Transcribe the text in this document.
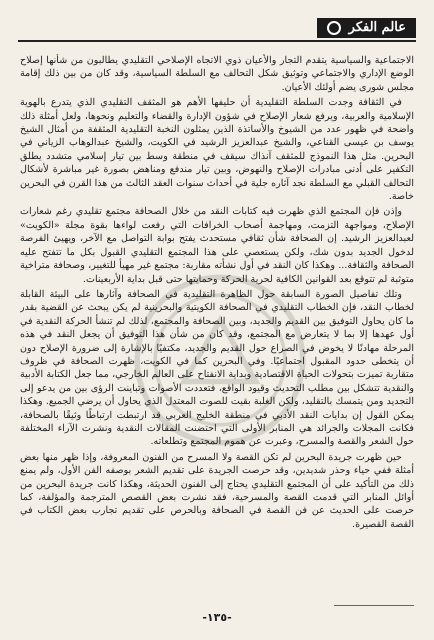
عالم الفكر

الاجتماعية والسياسية يتقدم التجار والأعيان ذوي الاتجاه الإصلاحي التقليدي يطالبون من شأنها إصلاح الوضع الإداري والاجتماعي وتوثيق شكل التحالف مع السلطة السياسية، وقد كان من بين ذلك إقامة مجلس شورى يضم أولئك الأعيان.

في الثقافة وجدت السلطة التقليدية أن حليفها الأهم هو المثقف التقليدي الذي يتدرع بالهوية الإسلامية والعربية، ويرفع شعار الإصلاح في شؤون الإدارة والقضاء والتعليم ونحوها، ولعل أمثلة ذلك واضحة في ظهور عدد من الشيوخ والأساتذة الذين يمثلون النخبة التقليدية المثقفة من أمثال الشيخ يوسف بن عيسى القناعي، والشيخ عبدالعزيز الرشيد في الكويت، والشيخ عبدالوهاب الزياني في البحرين. مثل هذا النموذج للمثقف آنذاك سيقف في منطقة وسط بين تيار إسلامي متشدد يطلق التكفير على أدنى مبادرات الإصلاح والنهوض، وبين تيار مندفع ومناهض بصورة غير مباشرة لأشكال التحالف القبلي مع السلطة نجد آثاره جلية في أحداث سنوات العقد الثالث من هذا القرن في البحرين خاصة.

وإذن فإن المجتمع الذي ظهرت فيه كتابات النقد من خلال الصحافة مجتمع تقليدي رغم شعارات الإصلاح، ومواجهة التزمت، ومهاجمة أصحاب الخرافات التي رفعت لواءها بقوة مجلة «الكويت» لعبدالعزيز الرشيد. إن الصحافة شأن ثقافي مستحدث يفتح بوابة التواصل مع الآخر، ويهيئ الفرصة لدخول الجديد بدون شك، ولكن يستعصي على هذا المجتمع التقليدي القبول بكل ما تتفتح عليه الصحافة والثقافة... وهكذا كان النقد في أول نشأته مقاربة: مجتمع غير مهيأ للتغيير، وصحافة متراخية متوثبة لم تتوقع بعد القوانين الكافية لحرية الحركة وحمايتها حتى قبل بداية الأربعينات.

وتلك تفاصيل الصورة السابقة حول الظاهرة التقليدية في الصحافة وآثارها على البيئة القابلة لخطاب النقد، فإن الخطاب التقليدي في الصحافة الكويتية والبحرينية لم يكن يبحث عن القضية بقدر ما كان يحاول التوفيق بين القديم والجديد، وبين الصحافة والمجتمع، لذلك لم تنشأ الحركة النقدية في أول عهدها إلا بما لا يتعارض مع المجتمع، وقد كان من شأن هذا التوفيق أن يجعل النقد في هذه المرحلة مهادنًا لا يخوض في الصراع حول القديم والجديد، مكتفيًا بالإشارة إلى ضرورة الإصلاح دون أن يتخطى حدود المقبول اجتماعيًا. وفي البحرين كما في الكويت، ظهرت الصحافة في ظروف متقاربة تميزت بتحولات الحياة الاقتصادية وبداية الانفتاح على العالم الخارجي، مما جعل الكتابة الأدبية والنقدية تتشكل بين مطلب التحديث وقيود الواقع، فتعددت الأصوات وتباينت الرؤى بين من يدعو إلى التجديد ومن يتمسك بالتقليد، ولكن الغلبة بقيت للصوت المعتدل الذي يحاول أن يرضي الجميع. وهكذا يمكن القول إن بدايات النقد الأدبي في منطقة الخليج العربي قد ارتبطت ارتباطًا وثيقًا بالصحافة، فكانت المجلات والجرائد هي المنابر الأولى التي احتضنت المقالات النقدية ونشرت الآراء المختلفة حول الشعر والقصة والمسرح، وعبرت عن هموم المجتمع وتطلعاته.

حين ظهرت جريدة البحرين لم تكن القصة ولا المسرح من الفنون المعروفة، وإذا ظهر منها بعض أمثلة ففي حياء وحذر شديدين، وقد حرصت الجريدة على تقديم الشعر بوصفه الفن الأول، ولم يمنع ذلك من التأكيد على أن المجتمع التقليدي يحتاج إلى الفنون الحديثة، وهكذا كانت جريدة البحرين من أوائل المنابر التي قدمت القصة والمسرحية، فقد نشرت بعض القصص المترجمة والمؤلفة، كما حرصت على الحديث عن فن القصة في الصحافة وبالحرص على تقديم تجارب بعض الكتاب في القصة القصيرة.

-١٣٥-
